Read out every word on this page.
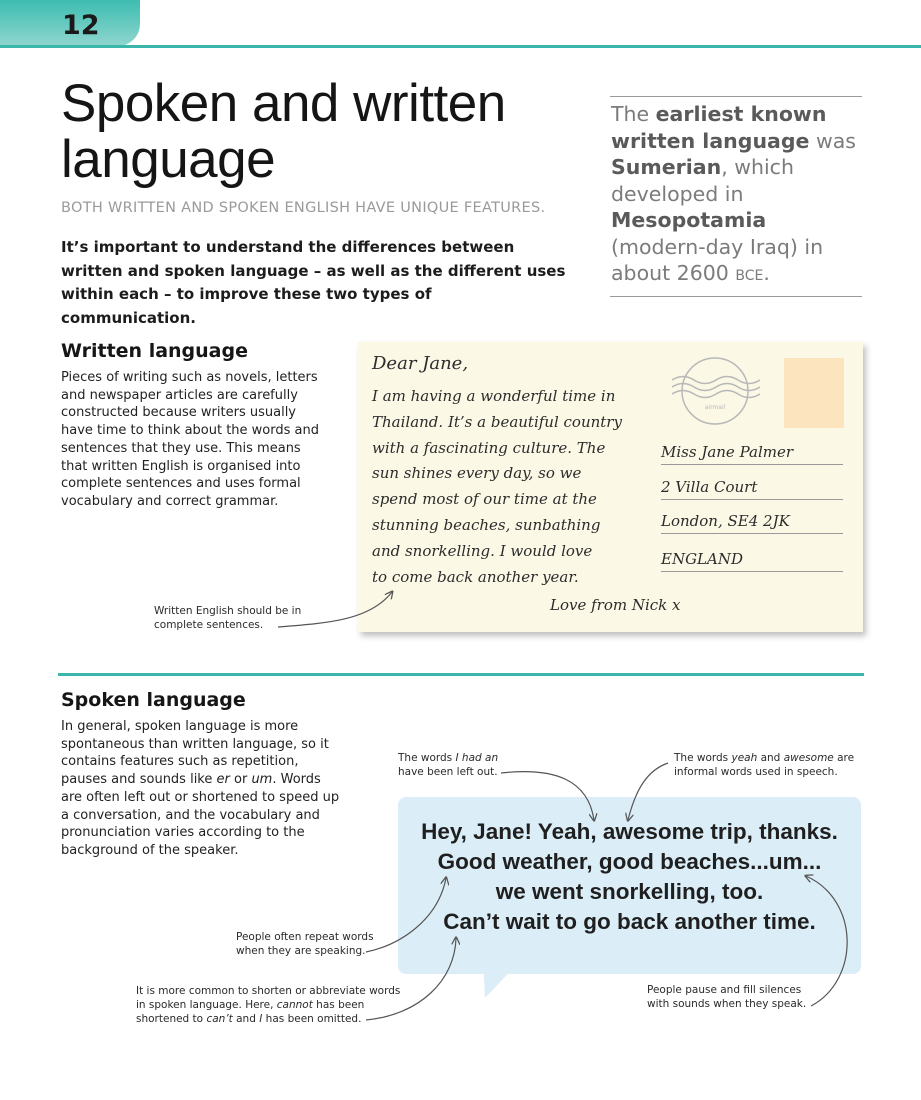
12
Spoken and written language
BOTH WRITTEN AND SPOKEN ENGLISH HAVE UNIQUE FEATURES.
It’s important to understand the differences between written and spoken language – as well as the different uses within each – to improve these two types of communication.
The earliest known written language was Sumerian, which developed in Mesopotamia (modern-day Iraq) in about 2600 bce.
Written language
Pieces of writing such as novels, letters and newspaper articles are carefully constructed because writers usually have time to think about the words and sentences that they use. This means that written English is organised into complete sentences and uses formal vocabulary and correct grammar.
Dear Jane,
I am having a wonderful time in
Thailand. It’s a beautiful country
with a fascinating culture. The
sun shines every day, so we
spend most of our time at the
stunning beaches, sunbathing
and snorkelling. I would love
to come back another year.
Love from Nick x
Miss Jane Palmer
2 Villa Court
London, SE4 2JK
ENGLAND
airmail
Written English should be in complete sentences.
Spoken language
In general, spoken language is more spontaneous than written language, so it contains features such as repetition, pauses and sounds like er or um. Words are often left out or shortened to speed up a conversation, and the vocabulary and pronunciation varies according to the background of the speaker.
The words I had an have been left out.
The words yeah and awesome are informal words used in speech.
People often repeat words when they are speaking.
It is more common to shorten or abbreviate words in spoken language. Here, cannot has been shortened to can’t and I has been omitted.
People pause and fill silences with sounds when they speak.
Hey, Jane! Yeah, awesome trip, thanks.
Good weather, good beaches...um...
we went snorkelling, too.
Can’t wait to go back another time.
